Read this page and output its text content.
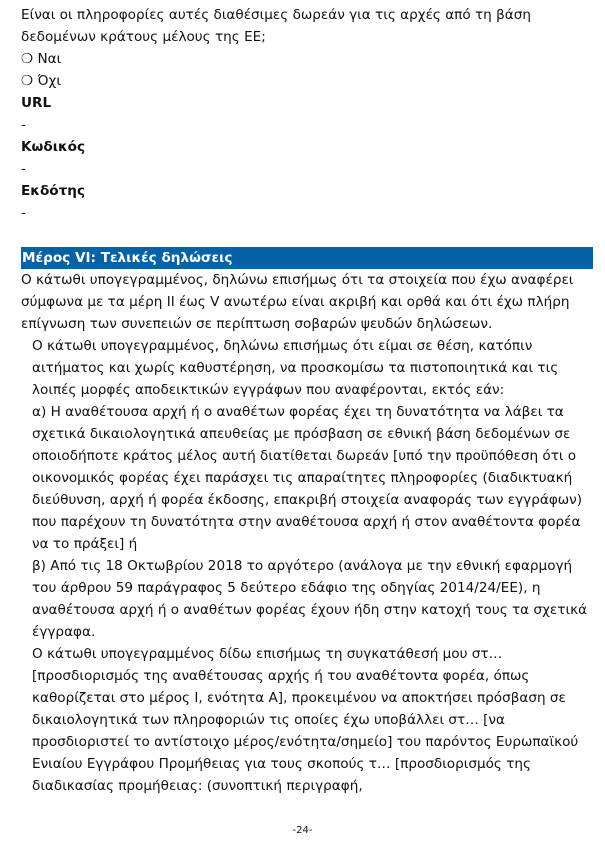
Είναι οι πληροφορίες αυτές διαθέσιμες δωρεάν για τις αρχές από τη βάση δεδομένων κράτους μέλους της ΕΕ;

❍ Ναι
❍ Όχι
URL
-
Κωδικός
-
Εκδότης
-
Μέρος VI: Τελικές δηλώσεις

Ο κάτωθι υπογεγραμμένος, δηλώνω επισήμως ότι τα στοιχεία που έχω αναφέρει σύμφωνα με τα μέρη II έως V ανωτέρω είναι ακριβή και ορθά και ότι έχω πλήρη επίγνωση των συνεπειών σε περίπτωση σοβαρών ψευδών δηλώσεων.

Ο κάτωθι υπογεγραμμένος, δηλώνω επισήμως ότι είμαι σε θέση, κατόπιν αιτήματος και χωρίς καθυστέρηση, να προσκομίσω τα πιστοποιητικά και τις λοιπές μορφές αποδεικτικών εγγράφων που αναφέρονται, εκτός εάν:

α) Η αναθέτουσα αρχή ή ο αναθέτων φορέας έχει τη δυνατότητα να λάβει τα σχετικά δικαιολογητικά απευθείας με πρόσβαση σε εθνική βάση δεδομένων σε οποιοδήποτε κράτος μέλος αυτή διατίθεται δωρεάν [υπό την προϋπόθεση ότι ο οικονομικός φορέας έχει παράσχει τις απαραίτητες πληροφορίες (διαδικτυακή διεύθυνση, αρχή ή φορέα έκδοσης, επακριβή στοιχεία αναφοράς των εγγράφων) που παρέχουν τη δυνατότητα στην αναθέτουσα αρχή ή στον αναθέτοντα φορέα να το πράξει] ή

β) Από τις 18 Οκτωβρίου 2018 το αργότερο (ανάλογα με την εθνική εφαρμογή του άρθρου 59 παράγραφος 5 δεύτερο εδάφιο της οδηγίας 2014/24/ΕΕ), η αναθέτουσα αρχή ή ο αναθέτων φορέας έχουν ήδη στην κατοχή τους τα σχετικά έγγραφα.

Ο κάτωθι υπογεγραμμένος δίδω επισήμως τη συγκατάθεσή μου στ… [προσδιορισμός της αναθέτουσας αρχής ή του αναθέτοντα φορέα, όπως καθορίζεται στο μέρος I, ενότητα A], προκειμένου να αποκτήσει πρόσβαση σε δικαιολογητικά των πληροφοριών τις οποίες έχω υποβάλλει στ… [να προσδιοριστεί το αντίστοιχο μέρος/ενότητα/σημείο] του παρόντος Ευρωπαϊκού Ενιαίου Εγγράφου Προμήθειας για τους σκοπούς τ… [προσδιορισμός της διαδικασίας προμήθειας: (συνοπτική περιγραφή,

-24-
